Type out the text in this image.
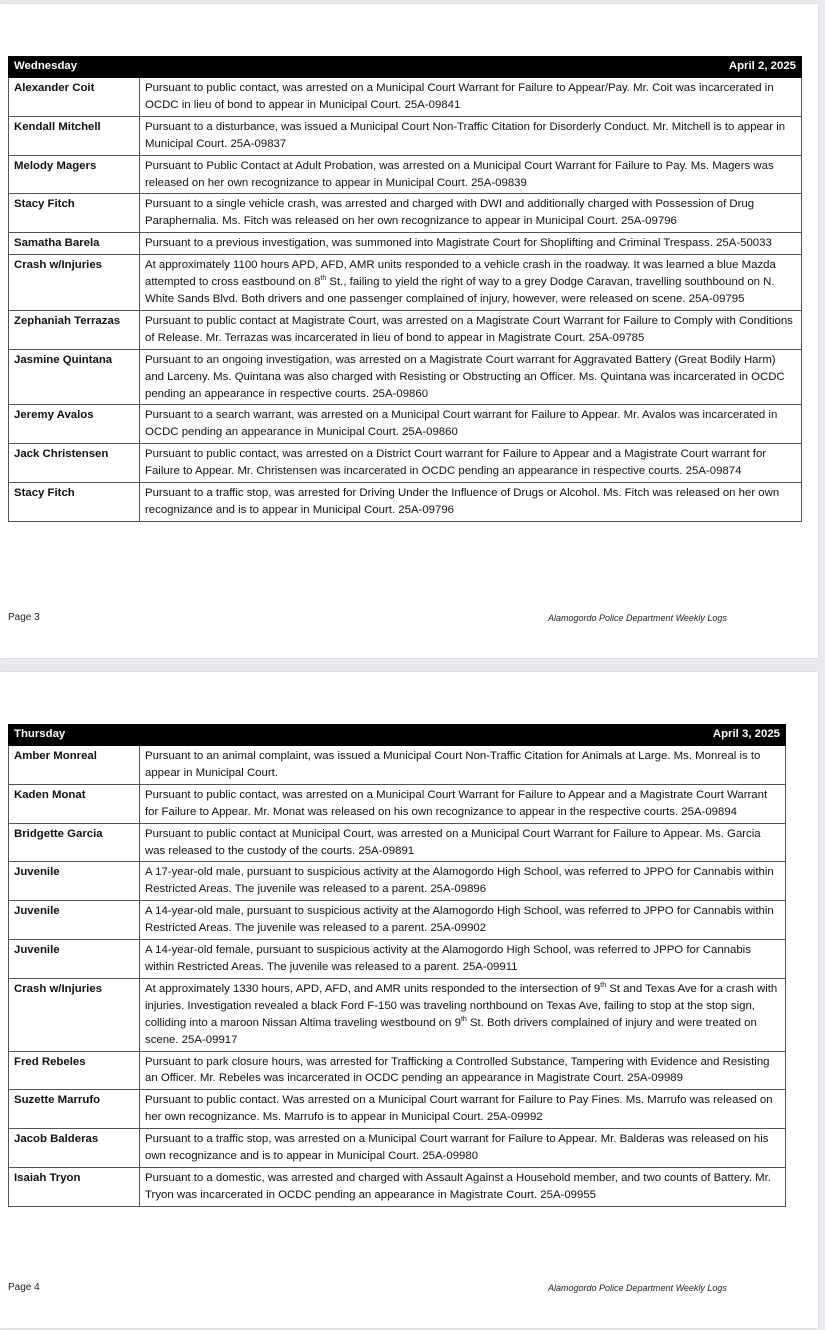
Wednesday	April 2, 2025
Alexander Coit	Pursuant to public contact, was arrested on a Municipal Court Warrant for Failure to Appear/Pay. Mr. Coit was incarcerated in OCDC in lieu of bond to appear in Municipal Court. 25A-09841
Kendall Mitchell	Pursuant to a disturbance, was issued a Municipal Court Non-Traffic Citation for Disorderly Conduct. Mr. Mitchell is to appear in Municipal Court. 25A-09837
Melody Magers	Pursuant to Public Contact at Adult Probation, was arrested on a Municipal Court Warrant for Failure to Pay. Ms. Magers was released on her own recognizance to appear in Municipal Court. 25A-09839
Stacy Fitch	Pursuant to a single vehicle crash, was arrested and charged with DWI and additionally charged with Possession of Drug Paraphernalia. Ms. Fitch was released on her own recognizance to appear in Municipal Court. 25A-09796
Samatha Barela	Pursuant to a previous investigation, was summoned into Magistrate Court for Shoplifting and Criminal Trespass. 25A-50033
Crash w/Injuries	At approximately 1100 hours APD, AFD, AMR units responded to a vehicle crash in the roadway. It was learned a blue Mazda attempted to cross eastbound on 8th St., failing to yield the right of way to a grey Dodge Caravan, travelling southbound on N. White Sands Blvd. Both drivers and one passenger complained of injury, however, were released on scene. 25A-09795
Zephaniah Terrazas	Pursuant to public contact at Magistrate Court, was arrested on a Magistrate Court Warrant for Failure to Comply with Conditions of Release. Mr. Terrazas was incarcerated in lieu of bond to appear in Magistrate Court. 25A-09785
Jasmine Quintana	Pursuant to an ongoing investigation, was arrested on a Magistrate Court warrant for Aggravated Battery (Great Bodily Harm) and Larceny. Ms. Quintana was also charged with Resisting or Obstructing an Officer. Ms. Quintana was incarcerated in OCDC pending an appearance in respective courts. 25A-09860
Jeremy Avalos	Pursuant to a search warrant, was arrested on a Municipal Court warrant for Failure to Appear. Mr. Avalos was incarcerated in OCDC pending an appearance in Municipal Court. 25A-09860
Jack Christensen	Pursuant to public contact, was arrested on a District Court warrant for Failure to Appear and a Magistrate Court warrant for Failure to Appear. Mr. Christensen was incarcerated in OCDC pending an appearance in respective courts. 25A-09874
Stacy Fitch	Pursuant to a traffic stop, was arrested for Driving Under the Influence of Drugs or Alcohol. Ms. Fitch was released on her own recognizance and is to appear in Municipal Court. 25A-09796
Page 3	Alamogordo Police Department Weekly Logs
Thursday	April 3, 2025
Amber Monreal	Pursuant to an animal complaint, was issued a Municipal Court Non-Traffic Citation for Animals at Large. Ms. Monreal is to appear in Municipal Court.
Kaden Monat	Pursuant to public contact, was arrested on a Municipal Court Warrant for Failure to Appear and a Magistrate Court Warrant for Failure to Appear. Mr. Monat was released on his own recognizance to appear in the respective courts. 25A-09894
Bridgette Garcia	Pursuant to public contact at Municipal Court, was arrested on a Municipal Court Warrant for Failure to Appear. Ms. Garcia was released to the custody of the courts. 25A-09891
Juvenile	A 17-year-old male, pursuant to suspicious activity at the Alamogordo High School, was referred to JPPO for Cannabis within Restricted Areas. The juvenile was released to a parent. 25A-09896
Juvenile	A 14-year-old male, pursuant to suspicious activity at the Alamogordo High School, was referred to JPPO for Cannabis within Restricted Areas. The juvenile was released to a parent. 25A-09902
Juvenile	A 14-year-old female, pursuant to suspicious activity at the Alamogordo High School, was referred to JPPO for Cannabis within Restricted Areas. The juvenile was released to a parent. 25A-09911
Crash w/Injuries	At approximately 1330 hours, APD, AFD, and AMR units responded to the intersection of 9th St and Texas Ave for a crash with injuries. Investigation revealed a black Ford F-150 was traveling northbound on Texas Ave, failing to stop at the stop sign, colliding into a maroon Nissan Altima traveling westbound on 9th St. Both drivers complained of injury and were treated on scene. 25A-09917
Fred Rebeles	Pursuant to park closure hours, was arrested for Trafficking a Controlled Substance, Tampering with Evidence and Resisting an Officer. Mr. Rebeles was incarcerated in OCDC pending an appearance in Magistrate Court. 25A-09989
Suzette Marrufo	Pursuant to public contact. Was arrested on a Municipal Court warrant for Failure to Pay Fines. Ms. Marrufo was released on her own recognizance. Ms. Marrufo is to appear in Municipal Court. 25A-09992
Jacob Balderas	Pursuant to a traffic stop, was arrested on a Municipal Court warrant for Failure to Appear. Mr. Balderas was released on his own recognizance and is to appear in Municipal Court. 25A-09980
Isaiah Tryon	Pursuant to a domestic, was arrested and charged with Assault Against a Household member, and two counts of Battery. Mr. Tryon was incarcerated in OCDC pending an appearance in Magistrate Court. 25A-09955
Page 4	Alamogordo Police Department Weekly Logs
